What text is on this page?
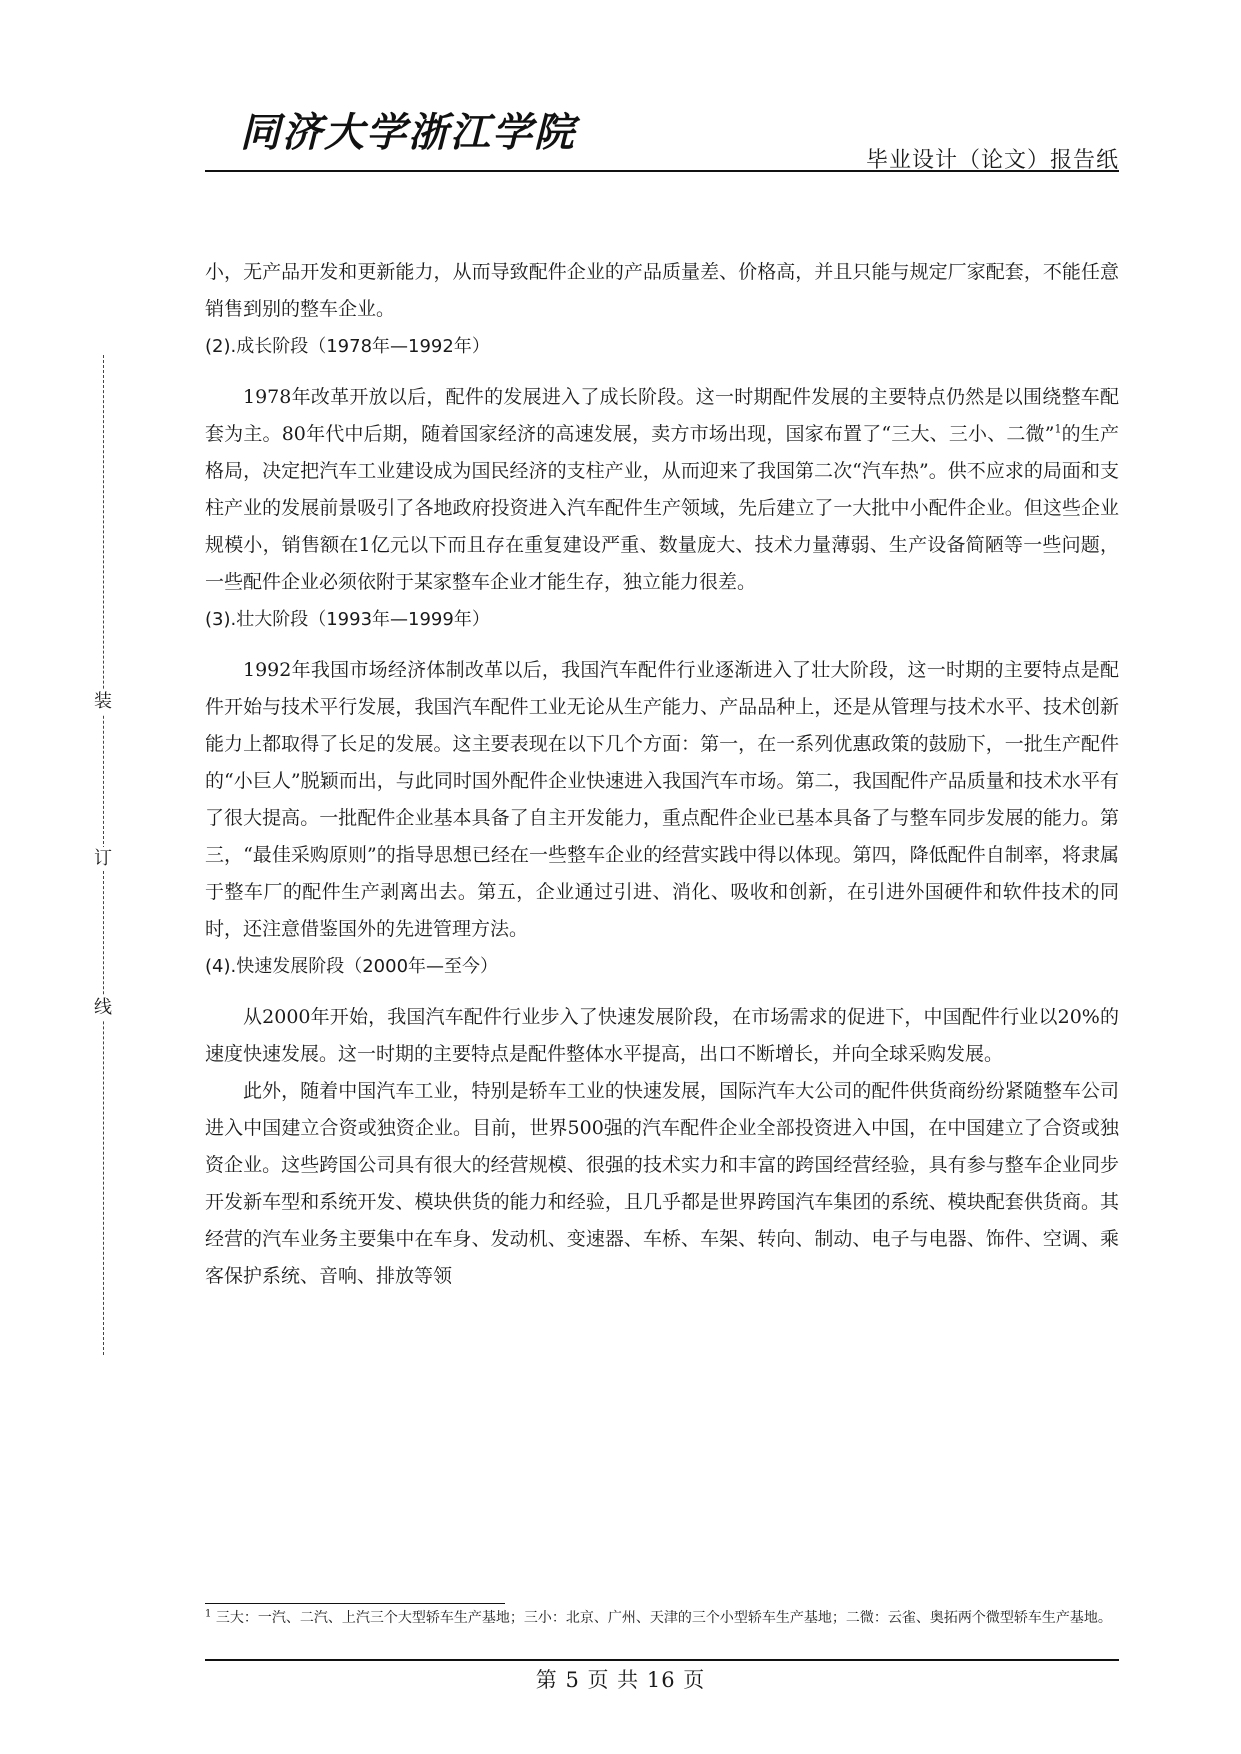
同济大学浙江学院
毕业设计（论文）报告纸
装
订
线

小，无产品开发和更新能力，从而导致配件企业的产品质量差、价格高，并且只能与规定厂家配套，不能任意销售到别的整车企业。

(2).成长阶段（1978年—1992年）

1978年改革开放以后，配件的发展进入了成长阶段。这一时期配件发展的主要特点仍然是以围绕整车配套为主。80年代中后期，随着国家经济的高速发展，卖方市场出现，国家布置了“三大、三小、二微”$^1$的生产格局，决定把汽车工业建设成为国民经济的支柱产业，从而迎来了我国第二次“汽车热”。供不应求的局面和支柱产业的发展前景吸引了各地政府投资进入汽车配件生产领域，先后建立了一大批中小配件企业。但这些企业规模小，销售额在1亿元以下而且存在重复建设严重、数量庞大、技术力量薄弱、生产设备简陋等一些问题，一些配件企业必须依附于某家整车企业才能生存，独立能力很差。

(3).壮大阶段（1993年—1999年）

1992年我国市场经济体制改革以后，我国汽车配件行业逐渐进入了壮大阶段，这一时期的主要特点是配件开始与技术平行发展，我国汽车配件工业无论从生产能力、产品品种上，还是从管理与技术水平、技术创新能力上都取得了长足的发展。这主要表现在以下几个方面：第一，在一系列优惠政策的鼓励下，一批生产配件的“小巨人”脱颖而出，与此同时国外配件企业快速进入我国汽车市场。第二，我国配件产品质量和技术水平有了很大提高。一批配件企业基本具备了自主开发能力，重点配件企业已基本具备了与整车同步发展的能力。第三，“最佳采购原则”的指导思想已经在一些整车企业的经营实践中得以体现。第四，降低配件自制率，将隶属于整车厂的配件生产剥离出去。第五，企业通过引进、消化、吸收和创新，在引进外国硬件和软件技术的同时，还注意借鉴国外的先进管理方法。

(4).快速发展阶段（2000年—至今）

从2000年开始，我国汽车配件行业步入了快速发展阶段，在市场需求的促进下，中国配件行业以20%的速度快速发展。这一时期的主要特点是配件整体水平提高，出口不断增长，并向全球采购发展。

此外，随着中国汽车工业，特别是轿车工业的快速发展，国际汽车大公司的配件供货商纷纷紧随整车公司进入中国建立合资或独资企业。目前，世界500强的汽车配件企业全部投资进入中国，在中国建立了合资或独资企业。这些跨国公司具有很大的经营规模、很强的技术实力和丰富的跨国经营经验，具有参与整车企业同步开发新车型和系统开发、模块供货的能力和经验，且几乎都是世界跨国汽车集团的系统、模块配套供货商。其经营的汽车业务主要集中在车身、发动机、变速器、车桥、车架、转向、制动、电子与电器、饰件、空调、乘客保护系统、音响、排放等领

$^1$ 三大：一汽、二汽、上汽三个大型轿车生产基地；三小：北京、广州、天津的三个小型轿车生产基地；二微：云雀、奥拓两个微型轿车生产基地。
第 5 页 共 16 页
